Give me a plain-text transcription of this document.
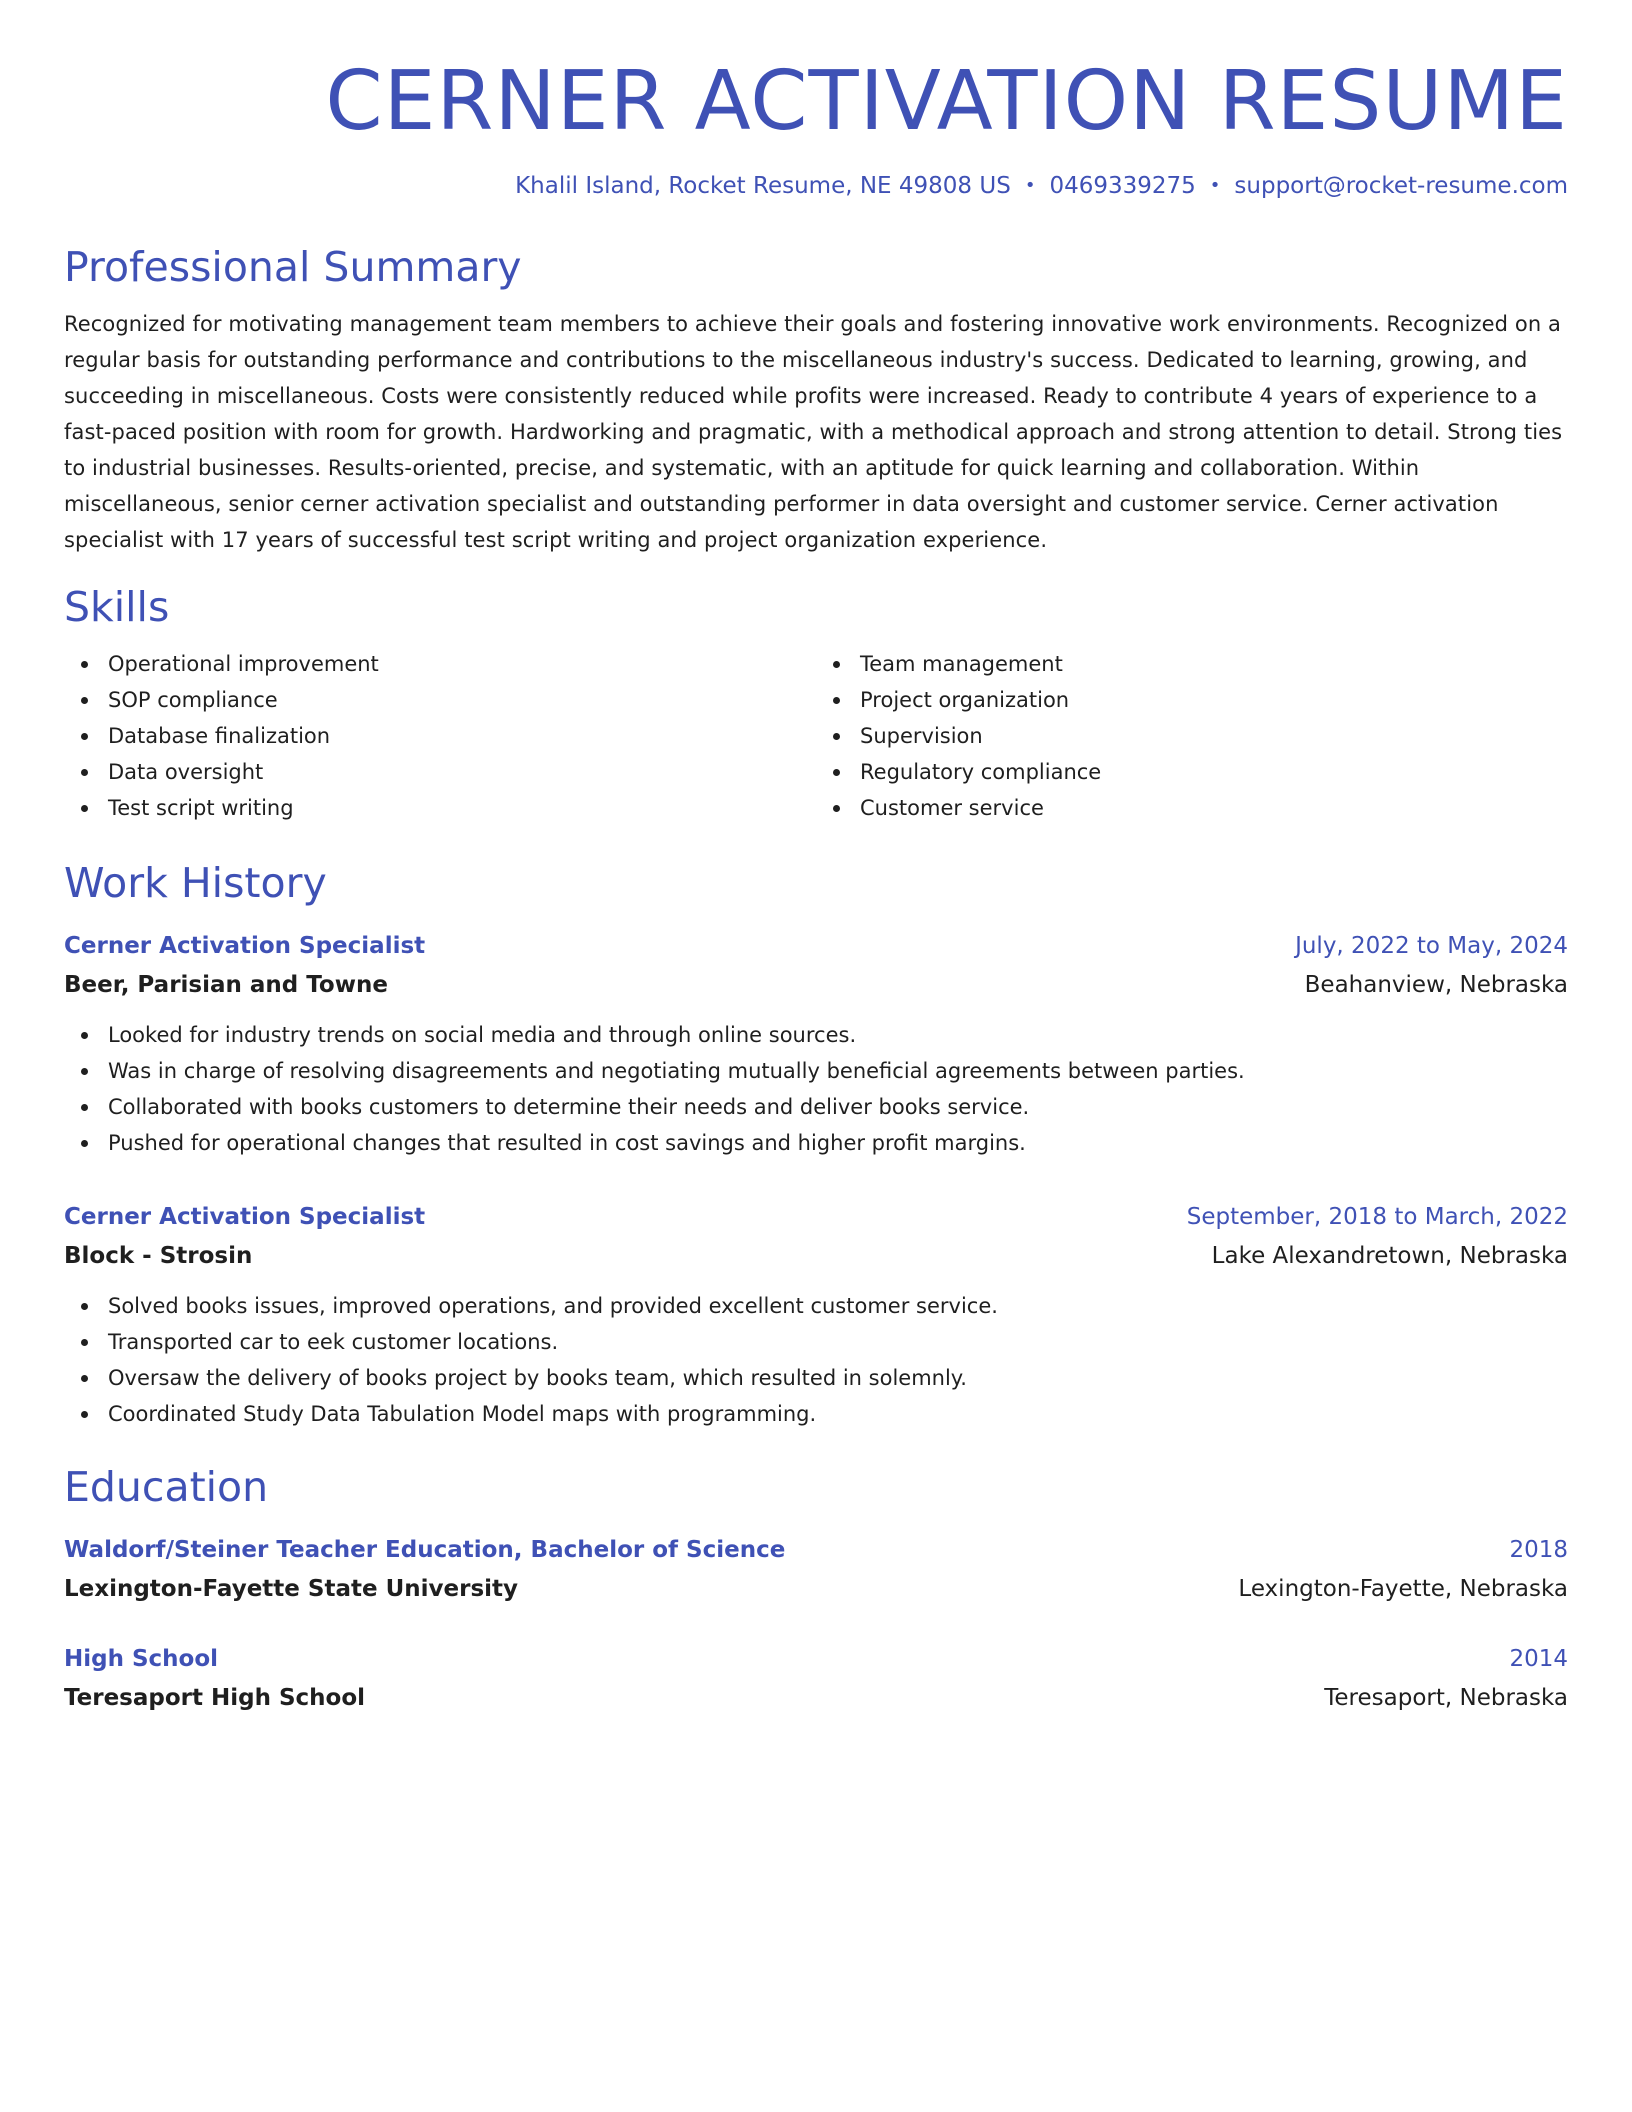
CERNER ACTIVATION RESUME
Khalil Island, Rocket Resume, NE 49808 US • 0469339275 • support@rocket-resume.com
Professional Summary
Recognized for motivating management team members to achieve their goals and fostering innovative work environments. Recognized on a regular basis for outstanding performance and contributions to the miscellaneous industry's success. Dedicated to learning, growing, and succeeding in miscellaneous. Costs were consistently reduced while profits were increased. Ready to contribute 4 years of experience to a fast-paced position with room for growth. Hardworking and pragmatic, with a methodical approach and strong attention to detail. Strong ties to industrial businesses. Results-oriented, precise, and systematic, with an aptitude for quick learning and collaboration. Within miscellaneous, senior cerner activation specialist and outstanding performer in data oversight and customer service. Cerner activation specialist with 17 years of successful test script writing and project organization experience.
Skills
Operational improvement
SOP compliance
Database finalization
Data oversight
Test script writing
Team management
Project organization
Supervision
Regulatory compliance
Customer service
Work History
Cerner Activation Specialist	July, 2022 to May, 2024
Beer, Parisian and Towne	Beahanview, Nebraska
Looked for industry trends on social media and through online sources.
Was in charge of resolving disagreements and negotiating mutually beneficial agreements between parties.
Collaborated with books customers to determine their needs and deliver books service.
Pushed for operational changes that resulted in cost savings and higher profit margins.
Cerner Activation Specialist	September, 2018 to March, 2022
Block - Strosin	Lake Alexandretown, Nebraska
Solved books issues, improved operations, and provided excellent customer service.
Transported car to eek customer locations.
Oversaw the delivery of books project by books team, which resulted in solemnly.
Coordinated Study Data Tabulation Model maps with programming.
Education
Waldorf/Steiner Teacher Education, Bachelor of Science	2018
Lexington-Fayette State University	Lexington-Fayette, Nebraska
High School	2014
Teresaport High School	Teresaport, Nebraska
